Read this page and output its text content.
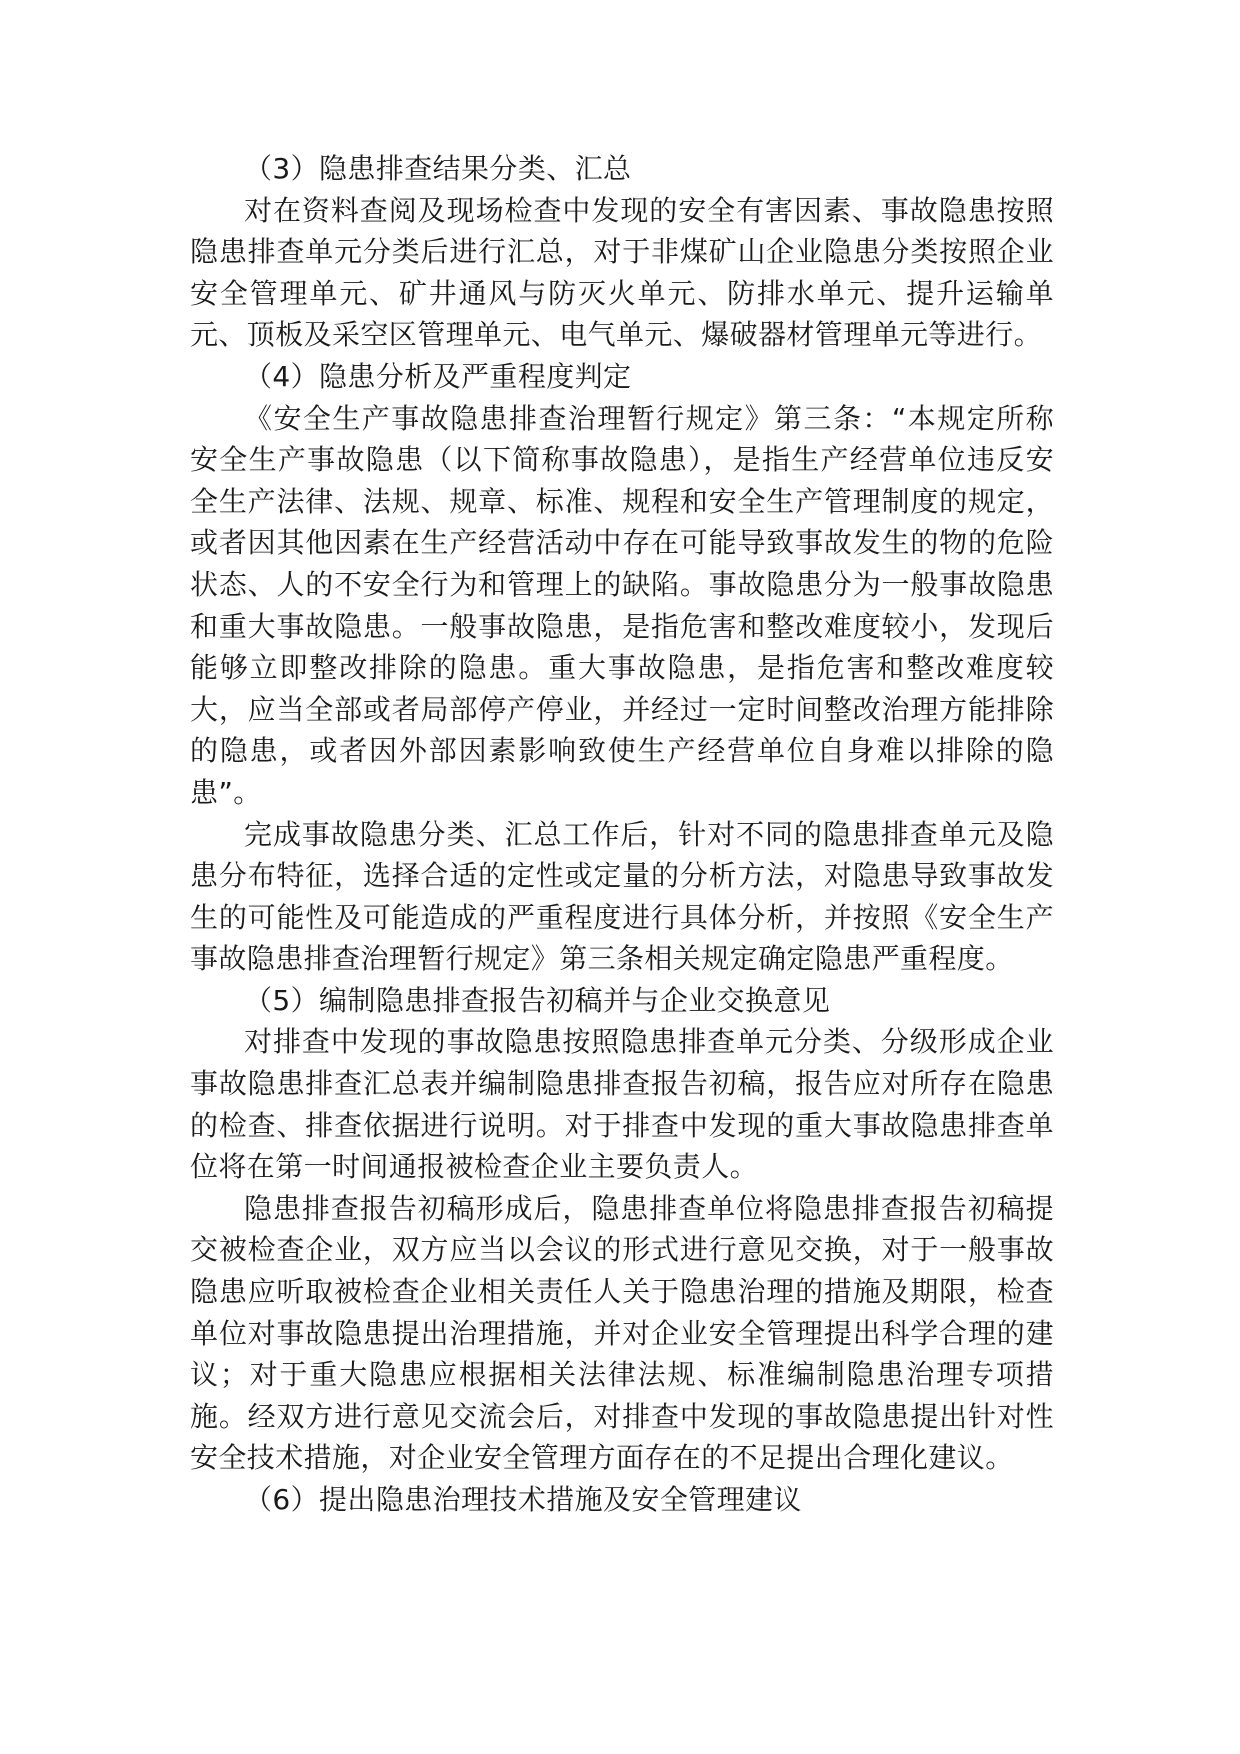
（3）隐患排查结果分类、汇总

对在资料查阅及现场检查中发现的安全有害因素、事故隐患按照隐患排查单元分类后进行汇总，对于非煤矿山企业隐患分类按照企业安全管理单元、矿井通风与防灭火单元、防排水单元、提升运输单元、顶板及采空区管理单元、电气单元、爆破器材管理单元等进行。

（4）隐患分析及严重程度判定

《安全生产事故隐患排查治理暂行规定》第三条：“本规定所称安全生产事故隐患（以下简称事故隐患），是指生产经营单位违反安全生产法律、法规、规章、标准、规程和安全生产管理制度的规定，或者因其他因素在生产经营活动中存在可能导致事故发生的物的危险状态、人的不安全行为和管理上的缺陷。事故隐患分为一般事故隐患和重大事故隐患。一般事故隐患，是指危害和整改难度较小，发现后能够立即整改排除的隐患。重大事故隐患，是指危害和整改难度较大，应当全部或者局部停产停业，并经过一定时间整改治理方能排除的隐患，或者因外部因素影响致使生产经营单位自身难以排除的隐患”。

完成事故隐患分类、汇总工作后，针对不同的隐患排查单元及隐患分布特征，选择合适的定性或定量的分析方法，对隐患导致事故发生的可能性及可能造成的严重程度进行具体分析，并按照《安全生产事故隐患排查治理暂行规定》第三条相关规定确定隐患严重程度。

（5）编制隐患排查报告初稿并与企业交换意见

对排查中发现的事故隐患按照隐患排查单元分类、分级形成企业事故隐患排查汇总表并编制隐患排查报告初稿，报告应对所存在隐患的检查、排查依据进行说明。对于排查中发现的重大事故隐患排查单位将在第一时间通报被检查企业主要负责人。

隐患排查报告初稿形成后，隐患排查单位将隐患排查报告初稿提交被检查企业，双方应当以会议的形式进行意见交换，对于一般事故隐患应听取被检查企业相关责任人关于隐患治理的措施及期限，检查单位对事故隐患提出治理措施，并对企业安全管理提出科学合理的建议；对于重大隐患应根据相关法律法规、标准编制隐患治理专项措施。经双方进行意见交流会后，对排查中发现的事故隐患提出针对性安全技术措施，对企业安全管理方面存在的不足提出合理化建议。

（6）提出隐患治理技术措施及安全管理建议
